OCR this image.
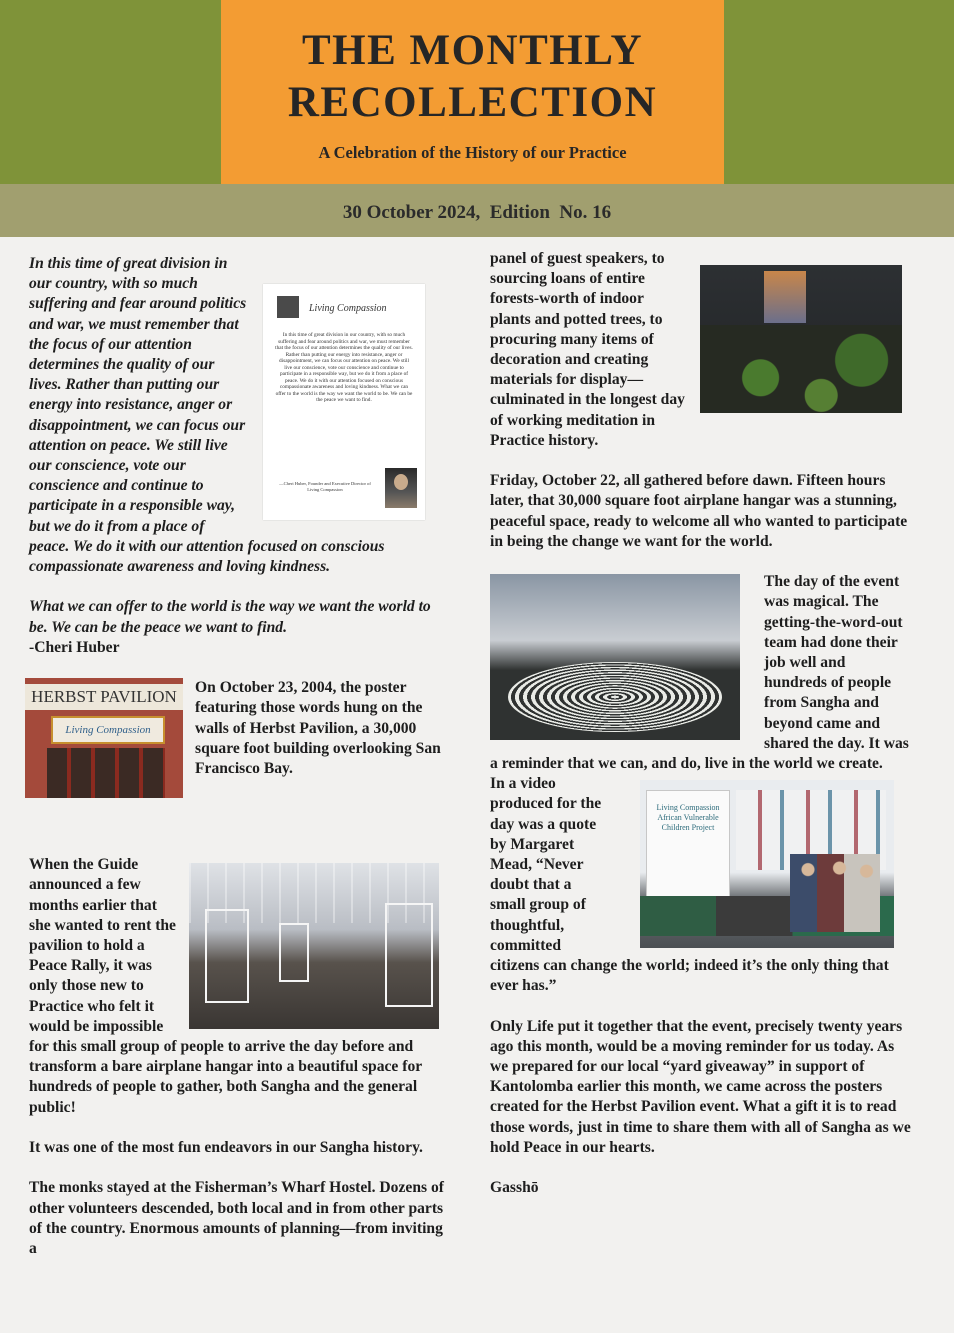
THE MONTHLY
RECOLLECTION
A Celebration of the History of our Practice
30 October 2024,  Edition  No. 16
Living Compassion
In this time of great division in our country, with so much suffering and fear around politics and war, we must remember that the focus of our attention determines the quality of our lives. Rather than putting our energy into resistance, anger or disappointment, we can focus our attention on peace. We still live our conscience, vote our conscience and continue to participate in a responsible way, but we do it from a place of peace. We do it with our attention focused on conscious compassionate awareness and loving kindness. What we can offer to the world is the way we want the world to be. We can be the peace we want to find.
—Cheri Huber, Founder and Executive Director of Living Compassion

In this time of great division in our country, with so much suffering and fear around politics and war, we must remember that the focus of our attention determines the quality of our lives. Rather than putting our energy into resistance, anger or disappointment, we can focus our attention on peace. We still live our conscience, vote our conscience and continue to participate in a responsible way, but we do it from a place of peace. We do it with our attention focused on conscious compassionate awareness and loving kindness.

What we can offer to the world is the way we want the world to be. We can be the peace we want to find.

-Cheri Huber

HERBST PAVILION
Living Compassion

On October 23, 2004, the poster featuring those words hung on the walls of Herbst Pavilion, a 30,000 square foot building overlooking San Francisco Bay.

When the Guide announced a few months earlier that she wanted to rent the pavilion to hold a Peace Rally, it was only those new to Practice who felt it would be impossible for this small group of people to arrive the day before and transform a bare airplane hangar into a beautiful space for hundreds of people to gather, both Sangha and the general public!

It was one of the most fun endeavors in our Sangha history.

The monks stayed at the Fisherman’s Wharf Hostel. Dozens of other volunteers descended, both local and in from other parts of the country. Enormous amounts of planning—from inviting a

panel of guest speakers, to sourcing loans of entire forests-worth of indoor plants and potted trees, to procuring many items of decoration and creating materials for display—culminated in the longest day of working meditation in Practice history.

Friday, October 22, all gathered before dawn. Fifteen hours later, that 30,000 square foot airplane hangar was a stunning, peaceful space, ready to welcome all who wanted to participate in being the change we want for the world.

The day of the event was magical. The getting-the-word-out team had done their job well and hundreds of people from Sangha and beyond came and shared the day. It was a reminder that we can, and do, live in the world we create.

Living Compassion African Vulnerable Children Project

In a video produced for the day was a quote by Margaret Mead, “Never doubt that a small group of thoughtful, committed citizens can change the world; indeed it’s the only thing that ever has.”

Only Life put it together that the event, precisely twenty years ago this month, would be a moving reminder for us today. As we prepared for our local “yard giveaway” in support of Kantolomba earlier this month, we came across the posters created for the Herbst Pavilion event. What a gift it is to read those words, just in time to share them with all of Sangha as we hold Peace in our hearts.

Gasshō
